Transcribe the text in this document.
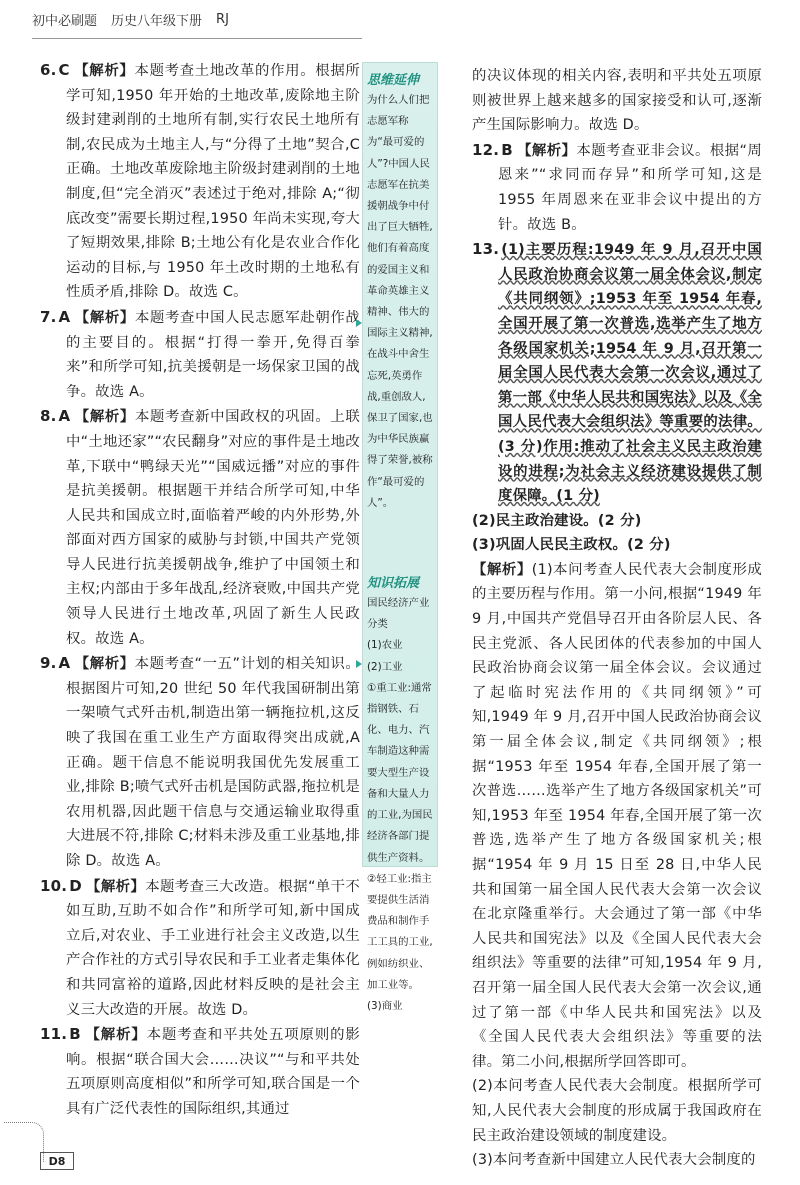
初中必刷题 历史八年级下册 RJ
6. C 【解析】本题考查土地改革的作用。根据所学可知,1950 年开始的土地改革,废除地主阶级封建剥削的土地所有制,实行农民土地所有制,农民成为土地主人,与“分得了土地”契合,C 正确。土地改革废除地主阶级封建剥削的土地制度,但“完全消灭”表述过于绝对,排除 A;“彻底改变”需要长期过程,1950 年尚未实现,夸大了短期效果,排除 B;土地公有化是农业合作化运动的目标,与 1950 年土改时期的土地私有性质矛盾,排除 D。故选 C。
7. A 【解析】本题考查中国人民志愿军赴朝作战的主要目的。根据“打得一拳开,免得百拳来”和所学可知,抗美援朝是一场保家卫国的战争。故选 A。
8. A 【解析】本题考查新中国政权的巩固。上联中“土地还家”“农民翻身”对应的事件是土地改革,下联中“鸭绿天光”“国威远播”对应的事件是抗美援朝。根据题干并结合所学可知,中华人民共和国成立时,面临着严峻的内外形势,外部面对西方国家的威胁与封锁,中国共产党领导人民进行抗美援朝战争,维护了中国领土和主权;内部由于多年战乱,经济衰败,中国共产党领导人民进行土地改革,巩固了新生人民政权。故选 A。
9. A 【解析】本题考查“一五”计划的相关知识。根据图片可知,20 世纪 50 年代我国研制出第一架喷气式歼击机,制造出第一辆拖拉机,这反映了我国在重工业生产方面取得突出成就,A 正确。题干信息不能说明我国优先发展重工业,排除 B;喷气式歼击机是国防武器,拖拉机是农用机器,因此题干信息与交通运输业取得重大进展不符,排除 C;材料未涉及重工业基地,排除 D。故选 A。
10. D 【解析】本题考查三大改造。根据“单干不如互助,互助不如合作”和所学可知,新中国成立后,对农业、手工业进行社会主义改造,以生产合作社的方式引导农民和手工业者走集体化和共同富裕的道路,因此材料反映的是社会主义三大改造的开展。故选 D。
11. B 【解析】本题考查和平共处五项原则的影响。根据“联合国大会……决议”“与和平共处五项原则高度相似”和所学可知,联合国是一个具有广泛代表性的国际组织,其通过
思维延伸
为什么人们把志愿军称为“最可爱的人”?中国人民志愿军在抗美援朝战争中付出了巨大牺牲,他们有着高度的爱国主义和革命英雄主义精神、伟大的国际主义精神,在战斗中舍生忘死,英勇作战,重创敌人,保卫了国家,也为中华民族赢得了荣誉,被称作“最可爱的人”。
知识拓展
国民经济产业分类
(1)农业
(2)工业
①重工业:通常指钢铁、石化、电力、汽车制造这种需要大型生产设备和大量人力的工业,为国民经济各部门提供生产资料。
②轻工业:指主要提供生活消费品和制作手工工具的工业,例如纺织业、加工业等。
(3)商业
的决议体现的相关内容,表明和平共处五项原则被世界上越来越多的国家接受和认可,逐渐产生国际影响力。故选 D。
12. B 【解析】本题考查亚非会议。根据“周恩来”“求同而存异”和所学可知,这是 1955 年周恩来在亚非会议中提出的方针。故选 B。
13. (1)主要历程:1949 年 9 月,召开中国人民政治协商会议第一届全体会议,制定《共同纲领》;1953 年至 1954 年春,全国开展了第一次普选,选举产生了地方各级国家机关;1954 年 9 月,召开第一届全国人民代表大会第一次会议,通过了第一部《中华人民共和国宪法》以及《全国人民代表大会组织法》等重要的法律。(3 分)作用:推动了社会主义民主政治建设的进程;为社会主义经济建设提供了制度保障。(1 分)
(2)民主政治建设。(2 分)
(3)巩固人民民主政权。(2 分)
【解析】(1)本问考查人民代表大会制度形成的主要历程与作用。第一小问,根据“1949 年 9 月,中国共产党倡导召开由各阶层人民、各民主党派、各人民团体的代表参加的中国人民政治协商会议第一届全体会议。会议通过了起临时宪法作用的《共同纲领》”可知,1949 年 9 月,召开中国人民政治协商会议第一届全体会议,制定《共同纲领》;根据“1953 年至 1954 年春,全国开展了第一次普选……选举产生了地方各级国家机关”可知,1953 年至 1954 年春,全国开展了第一次普选,选举产生了地方各级国家机关;根据“1954 年 9 月 15 日至 28 日,中华人民共和国第一届全国人民代表大会第一次会议在北京隆重举行。大会通过了第一部《中华人民共和国宪法》以及《全国人民代表大会组织法》等重要的法律”可知,1954 年 9 月,召开第一届全国人民代表大会第一次会议,通过了第一部《中华人民共和国宪法》以及《全国人民代表大会组织法》等重要的法律。第二小问,根据所学回答即可。
(2)本问考查人民代表大会制度。根据所学可知,人民代表大会制度的形成属于我国政府在民主政治建设领域的制度建设。
(3)本问考查新中国建立人民代表大会制度的
D8
